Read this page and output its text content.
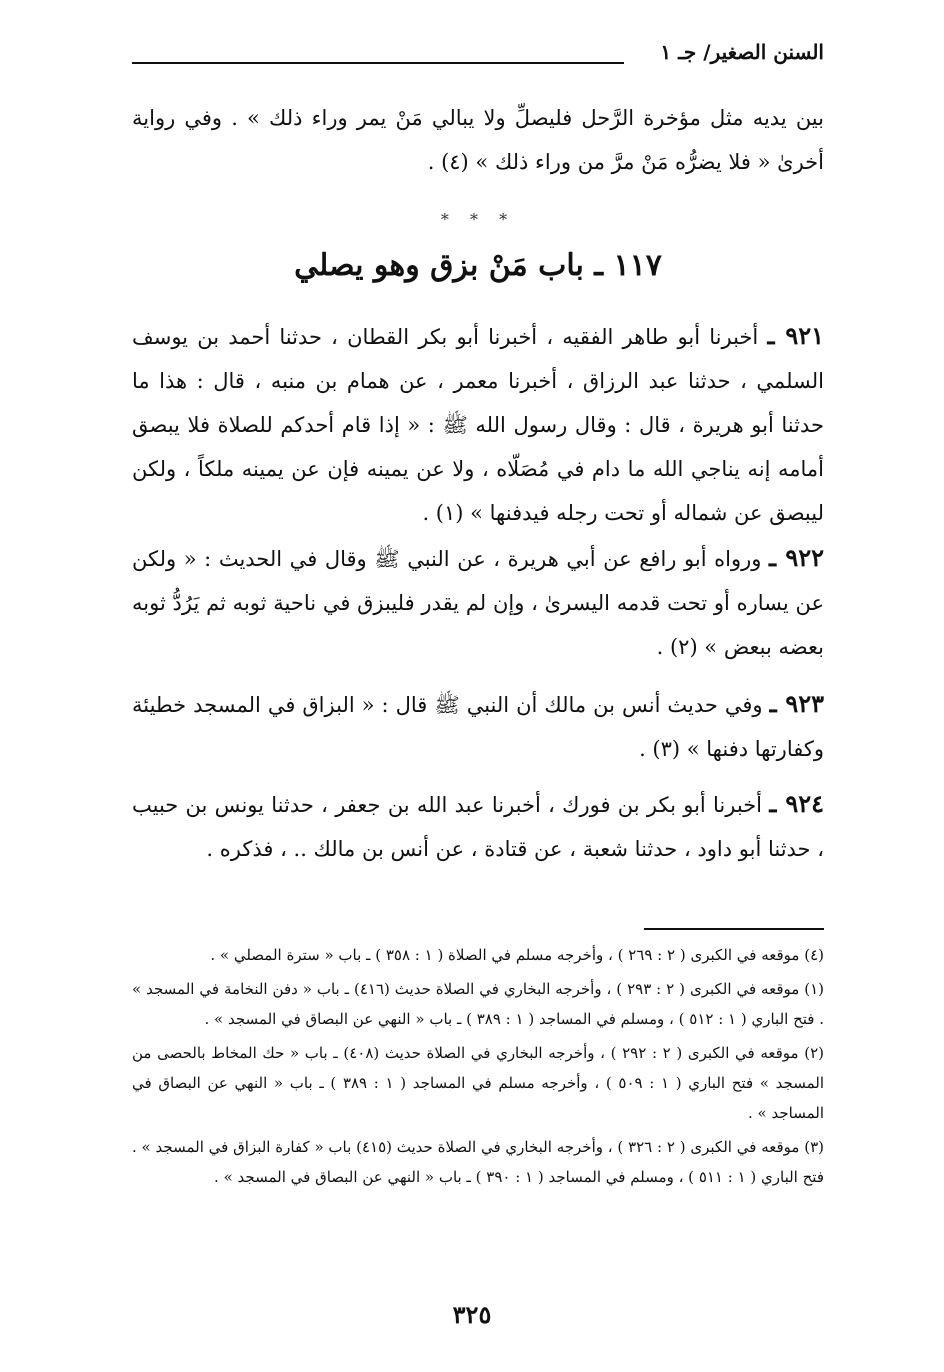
السنن الصغير/ جـ ١
بين يديه مثل مؤخرة الرَّحل فليصلِّ ولا يبالي مَنْ يمر وراء ذلك » . وفي رواية أخرىٰ « فلا يضرُّه مَنْ مرَّ من وراء ذلك » (٤) .
* * *
١١٧ ـ باب مَنْ بزق وهو يصلي
٩٢١ ـ أخبرنا أبو طاهر الفقيه ، أخبرنا أبو بكر القطان ، حدثنا أحمد بن يوسف السلمي ، حدثنا عبد الرزاق ، أخبرنا معمر ، عن همام بن منبه ، قال : هذا ما حدثنا أبو هريرة ، قال : وقال رسول الله ﷺ : « إذا قام أحدكم للصلاة فلا يبصق أمامه إنه يناجي الله ما دام في مُصَلّاه ، ولا عن يمينه فإن عن يمينه ملكاً ، ولكن ليبصق عن شماله أو تحت رجله فيدفنها » (١) .
٩٢٢ ـ ورواه أبو رافع عن أبي هريرة ، عن النبي ﷺ وقال في الحديث : « ولكن عن يساره أو تحت قدمه اليسرىٰ ، وإن لم يقدر فليبزق في ناحية ثوبه ثم يَرُدُّ ثوبه بعضه ببعض » (٢) .
٩٢٣ ـ وفي حديث أنس بن مالك أن النبي ﷺ قال : « البزاق في المسجد خطيئة وكفارتها دفنها » (٣) .
٩٢٤ ـ أخبرنا أبو بكر بن فورك ، أخبرنا عبد الله بن جعفر ، حدثنا يونس بن حبيب ، حدثنا أبو داود ، حدثنا شعبة ، عن قتادة ، عن أنس بن مالك .. ، فذكره .

(٤) موقعه في الكبرى ( ٢ : ٢٦٩ ) ، وأخرجه مسلم في الصلاة ( ١ : ٣٥٨ ) ـ باب « سترة المصلي » .

(١) موقعه في الكبرى ( ٢ : ٢٩٣ ) ، وأخرجه البخاري في الصلاة حديث (٤١٦) ـ باب « دفن النخامة في المسجد » . فتح الباري ( ١ : ٥١٢ ) ، ومسلم في المساجد ( ١ : ٣٨٩ ) ـ باب « النهي عن البصاق في المسجد » .

(٢) موقعه في الكبرى ( ٢ : ٢٩٢ ) ، وأخرجه البخاري في الصلاة حديث (٤٠٨) ـ باب « حك المخاط بالحصى من المسجد » فتح الباري ( ١ : ٥٠٩ ) ، وأخرجه مسلم في المساجد ( ١ : ٣٨٩ ) ـ باب « النهي عن البصاق في المساجد » .

(٣) موقعه في الكبرى ( ٢ : ٣٢٦ ) ، وأخرجه البخاري في الصلاة حديث (٤١٥) باب « كفارة البزاق في المسجد » . فتح الباري ( ١ : ٥١١ ) ، ومسلم في المساجد ( ١ : ٣٩٠ ) ـ باب « النهي عن البصاق في المسجد » .

٣٢٥
